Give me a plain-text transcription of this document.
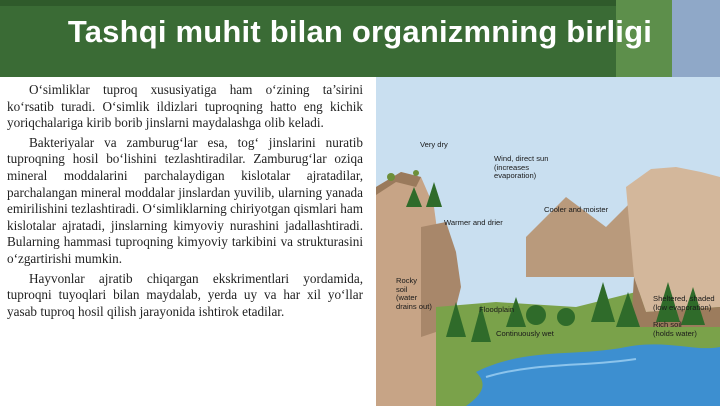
Tashqi muhit bilan organizmning birligi

O‘simliklar tuproq xususiyatiga ham o‘zining ta’sirini ko‘rsatib turadi. O‘simlik ildizlari tuproqning hatto eng kichik yoriqchalariga kirib borib jinslarni maydalashga olib keladi.

Bakteriyalar va zamburug‘lar esa, tog‘ jinslarini nuratib tuproqning hosil bo‘lishini tezlashtiradilar. Zamburug‘lar oziqa mineral moddalarini parchalaydigan kislotalar ajratadilar, parchalangan mineral moddalar jinslardan yuvilib, ularning yanada emirilishini tezlashtiradi. O‘simliklarning chiriyotgan qismlari ham kislotalar ajratadi, jinslarning kimyoviy nurashini jadallashtiradi. Bularning hammasi tuproqning kimyoviy tarkibini va strukturasini o‘zgartirishi mumkin.

Hayvonlar ajratib chiqargan ekskrimentlari yordamida, tuproqni tuyoqlari bilan maydalab, yerda uy va har xil yo‘llar yasab tuproq hosil qilish jarayonida ishtirok etadilar.

Very dry
Wind, direct sun
(increases
evaporation)
Cooler and moister
Warmer and drier
Rocky
soil
(water
drains out)	Floodplain
Continuously wet
Sheltered, shaded
(low evaporation)
Rich soil
(holds water)
